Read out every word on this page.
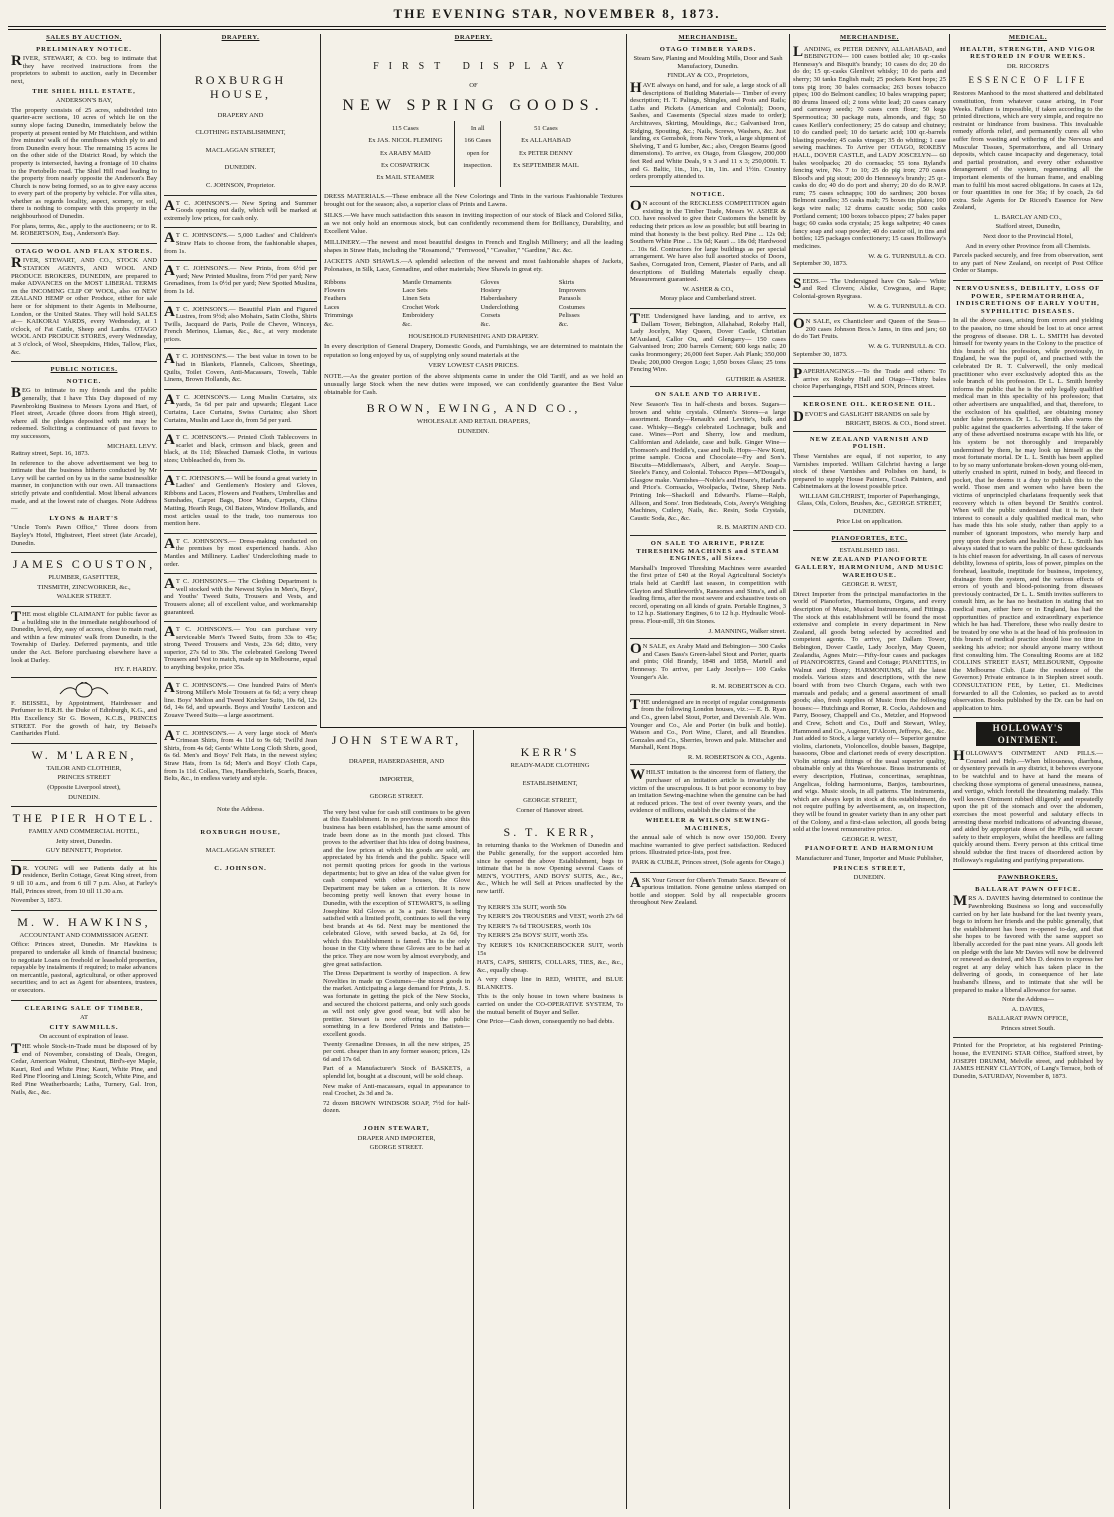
THE EVENING STAR, NOVEMBER 8, 1873.
SALES BY AUCTION.
PRELIMINARY NOTICE.

RIVER, STEWART, & CO. beg to intimate that they have received instructions from the proprietors to submit to auction, early in December next,

THE SHIEL HILL ESTATE,
ANDERSON'S BAY,

The property consists of 25 acres, subdivided into quarter-acre sections, 10 acres of which lie on the sunny slope facing Dunedin, immediately below the property at present rented by Mr Hutchison, and within five minutes' walk of the omnibuses which ply to and from Dunedin every hour. The remaining 15 acres lie on the other side of the District Road, by which the property is intersected, having a frontage of 10 chains to the Portobello road. The Shiel Hill road leading to the property from nearly opposite the Anderson's Bay Church is now being formed, so as to give easy access to every part of the property by vehicle. For villa sites, whether as regards locality, aspect, scenery, or soil, there is nothing to compare with this property in the neighbourhood of Dunedin.

For plans, terms, &c., apply to the auctioneers; or to R. M. ROBERTSON, Esq., Anderson's Bay.

OTAGO WOOL AND FLAX STORES.

RIVER, STEWART, AND CO., STOCK AND STATION AGENTS, AND WOOL AND PRODUCE BROKERS, DUNEDIN, are prepared to make ADVANCES on the MOST LIBERAL TERMS on the INCOMING CLIP OF WOOL, also on NEW ZEALAND HEMP or other Produce, either for sale here or for shipment to their Agents in Melbourne, London, or the United States. They will hold SALES at— KAIKORAI YARDS, every Wednesday, at 1 o'clock, of Fat Cattle, Sheep and Lambs. OTAGO WOOL AND PRODUCE STORES, every Wednesday, at 3 o'clock, of Wool, Sheepskins, Hides, Tallow, Flax, &c.

PUBLIC NOTICES.
NOTICE.

BEG to intimate to my friends and the public generally, that I have This Day disposed of my Pawnbroking Business to Messrs Lyons and Hart, of Fleet street, Arcade (three doors from High street), where all the pledges deposited with me may be redeemed. Soliciting a continuance of past favors to my successors,

MICHAEL LEVY.

Rattray street, Sept. 16, 1873.

In reference to the above advertisement we beg to intimate that the business hitherto conducted by Mr Levy will be carried on by us in the same businesslike manner, in conjunction with our own. All transactions strictly private and confidential. Most liberal advances made, and at the lowest rate of charges. Note Address—

LYONS & HART'S

"Uncle Tom's Pawn Office," Three doors from Bayley's Hotel, Highstreet, Fleet street (late Arcade), Dunedin.

JAMES COUSTON,
PLUMBER, GASFITTER,
TINSMITH, ZINCWORKER, &c.,
WALKER STREET.

THE most eligible CLAIMANT for public favor as a building site in the immediate neighbourhood of Dunedin, level, dry, easy of access, close to main road, and within a few minutes' walk from Dunedin, is the Township of Darley. Deferred payments, and title under the Act. Before purchasing elsewhere have a look at Darley.

HY. F. HARDY.

F. BEISSEL, by Appointment, Hairdresser and Perfumer to H.R.H. the Duke of Edinburgh, K.G., and His Excellency Sir G. Bowen, K.C.B., PRINCES STREET. For the growth of hair, try Beissel's Cantharides Fluid.

W. M'LAREN,
TAILOR AND CLOTHIER,
PRINCES STREET
(Opposite Liverpool street),
DUNEDIN.
THE PIER HOTEL.
FAMILY AND COMMERCIAL HOTEL,
Jetty street, Dunedin.
GUY BENNETT, Proprietor.

DR. YOUNG will see Patients daily at his residence, Berlin Cottage, Great King street, from 9 till 10 a.m., and from 6 till 7 p.m. Also, at Farley's Hall, Princes street, from 10 till 11.30 a.m.

November 3, 1873.

M. W. HAWKINS,
ACCOUNTANT AND COMMISSION AGENT.

Office: Princes street, Dunedin. Mr Hawkins is prepared to undertake all kinds of financial business; to negotiate Loans on freehold or leasehold properties, repayable by instalments if required; to make advances on mercantile, pastoral, agricultural, or other approved securities; and to act as Agent for absentees, trustees, or executors.

CLEARING SALE OF TIMBER,
AT
CITY SAWMILLS.
On account of expiration of lease.

THE whole Stock-in-Trade must be disposed of by end of November, consisting of Deals, Oregon, Cedar, American Walnut, Chestnut, Bird's-eye Maple, Kauri, Red and White Pine; Kauri, White Pine, and Red Pine Flooring and Lining; Scotch, White Pine, and Red Pine Weatherboards; Laths, Turnery, Gal. Iron, Nails, &c., &c.

DRAPERY.
ROXBURGH HOUSE,
DRAPERY AND
CLOTHING ESTABLISHMENT,
MACLAGGAN STREET,
DUNEDIN.
C. JOHNSON, Proprietor.

AT C. JOHNSON'S.— New Spring and Summer Goods opening out daily, which will be marked at extremely low prices, for cash only.

AT C. JOHNSON'S.— 5,000 Ladies' and Children's Straw Hats to choose from, the fashionable shapes, from 1s.

AT C. JOHNSON'S.— New Prints, from 6½d per yard; New Printed Muslins, from 7½d per yard; New Grenadines, from 1s 0½d per yard; New Spotted Muslins, from 1s 1d.

AT C. JOHNSON'S.— Beautiful Plain and Figured Lustres, from 9½d; also Mohairs, Satin Cloths, Shirts Twills, Jacquard de Paris, Poile de Chevre, Winceys, French Merinos, Llamas, &c., &c., at very moderate prices.

AT C. JOHNSON'S.— The best value in town to be had in Blankets, Flannels, Calicoes, Sheetings, Quilts, Toilet Covers, Anti-Macassars, Towels, Table Linens, Brown Hollands, &c.

AT C. JOHNSON'S.— Long Muslin Curtains, six yards, 5s 6d per pair and upwards; Elegant Lace Curtains, Lace Curtains, Swiss Curtains; also Short Curtains, Muslin and Lace do, from 5d per yard.

AT C. JOHNSON'S.— Printed Cloth Tablecovers in scarlet and black, crimson and black, green and black, at 8s 11d; Bleached Damask Cloths, in various sizes; Unbleached do, from 3s.

AT C. JOHNSON'S.— Will be found a great variety in Ladies' and Gentlemen's Hosiery and Gloves, Ribbons and Laces, Flowers and Feathers, Umbrellas and Sunshades, Carpet Bags, Door Mats, Carpets, China Matting, Hearth Rugs, Oil Baizes, Window Hollands, and most articles usual to the trade, too numerous too mention here.

AT C. JOHNSON'S.— Dress-making conducted on the premises by most experienced hands. Also Mantles and Millinery. Ladies' Underclothing made to order.

AT C. JOHNSON'S.— The Clothing Department is well stocked with the Newest Styles in Men's, Boys', and Youths' Tweed Suits, Trousers and Vests, and Trousers alone; all of excellent value, and workmanship guaranteed.

AT C. JOHNSON'S.— You can purchase very serviceable Men's Tweed Suits, from 33s to 45s; strong Tweed Trousers and Vests, 23s 6d; ditto, very superior, 27s 6d to 30s. The celebrated Geelong Tweed Trousers and Vest to match, made up in Melbourne, equal to anything besjoke, price 35s.

AT C. JOHNSON'S.— One hundred Pairs of Men's Strong Miller's Mole Trousers at 6s 6d; a very cheap line. Boys' Melton and Tweed Knicker Suits, 10s 6d, 12s 6d, 14s 6d, and upwards. Boys and Youths' Lexicon and Zouave Tweed Suits—a large assortment.

AT C. JOHNSON'S.— A very large stock of Men's Crimean Shirts, from 4s 11d to 9s 6d; Twill'd Jean Shirts, from 4s 6d; Gents' White Long Cloth Shirts, good, 6s 6d. Men's and Boys' Felt Hats, in the newest styles; Straw Hats, from 1s 6d; Men's and Boys' Cloth Caps, from 1s 11d. Collars, Ties, Handkerchiefs, Scarfs, Braces, Belts, &c., in endless variety and style.

Note the Address.
ROXBURGH HOUSE,
MACLAGGAN STREET.
C. JOHNSON.
DRAPERY.
FIRST DISPLAY
OF
NEW SPRING GOODS.
115 Cases
Ex JAS. NICOL FLEMING
Ex ARABY MAID
Ex COSPATRICK
Ex MAIL STEAMER
In all
166 Cases
open for
inspection.
51 Cases
Ex ALLAHABAD
Ex PETER DENNY
Ex SEPTEMBER MAIL

DRESS MATERIALS.—These embrace all the New Colorings and Tints in the various Fashionable Textures brought out for the season; also, a superior class of Prints and Lawns.

SILKS.—We have much satisfaction this season in inviting inspection of our stock of Black and Colored Silks, as we not only hold an enormous stock, but can confidently recommend them for Brilliancy, Durability, and Excellent Value.

MILLINERY.—The newest and most beautiful designs in French and English Millinery; and all the leading shapes in Straw Hats, including the "Rosamond," "Fernwood," "Cavalier," "Gardine," &c. &c.

JACKETS AND SHAWLS.—A splendid selection of the newest and most fashionable shapes of Jackets, Polonaises, in Silk, Lace, Grenadine, and other materials; New Shawls in great ety.

Ribbons
Flowers
Feathers
Laces
Trimmings
&c.
Mantle Ornaments
Lace Sets
Linen Sets
Crochet Work
Embroidery
&c.
Gloves
Hosiery
Haberdashery
Underclothing
Corsets
&c.
Skirts
Improvers
Parasols
Costumes
Pelisses
&c.
HOUSEHOLD FURNISHING AND DRAPERY.

In every description of General Drapery, Domestic Goods, and Furnishings, we are determined to maintain the reputation so long enjoyed by us, of supplying only sound materials at the

VERY LOWEST CASH PRICES.

NOTE.—As the greater portion of the above shipments came in under the Old Tariff, and as we hold an unusually large Stock when the new duties were imposed, we can confidently guarantee the Best Value obtainable for Cash.

BROWN, EWING, AND CO.,
WHOLESALE AND RETAIL DRAPERS,
DUNEDIN.
JOHN STEWART,
DRAPER, HABERDASHER, AND
IMPORTER,
GEORGE STREET.

The very best value for cash still continues to be given at this Establishment. In no previous month since this business has been established, has the same amount of trade been done as in the month just closed. This proves to the advertiser that his idea of doing business, and the low prices at which his goods are sold, are appreciated by his friends and the public. Space will not permit quoting prices for goods in the various departments; but to give an idea of the value given for cash compared with other houses, the Glove Department may be taken as a criterion. It is now becoming pretty well known that every house in Dunedin, with the exception of STEWART'S, is selling Josephine Kid Gloves at 3s a pair. Stewart being satisfied with a limited profit, continues to sell the very best brands at 4s 6d. Next may be mentioned the celebrated Glove, with sewed backs, at 2s 6d, for which this Establishment is famed. This is the only house in the City where these Gloves are to be had at the price. They are now worn by almost everybody, and give great satisfaction.

The Dress Department is worthy of inspection. A few Novelties in made up Costumes—the nicest goods in the market. Anticipating a large demand for Prints, J. S. was fortunate in getting the pick of the New Stocks, and secured the choicest patterns, and only such goods as will not only give good wear, but will also be prettier. Stewart is now offering to the public something in a few Bordered Prints and Batistes—excellent goods.

Twenty Grenadine Dresses, in all the new stripes, 25 per cent. cheaper than in any former season; prices, 12s 6d and 17s 6d.

Part of a Manufacturer's Stock of BASKETS, a splendid lot, bought at a discount, will be sold cheap.

New make of Anti-macassars, equal in appearance to real Crochet, 2s 3d and 3s.

72 dozen BROWN WINDSOR SOAP, 7½d for half-dozen.

JOHN STEWART,
DRAPER AND IMPORTER,
GEORGE STREET.
KERR'S
READY-MADE CLOTHING
ESTABLISHMENT,
GEORGE STREET,
Corner of Hanover street.
S. T. KERR,

In returning thanks to the Workmen of Dunedin and the Public generally, for the support accorded him since he opened the above Establishment, begs to intimate that he is now Opening several Cases of MEN'S, YOUTH'S, AND BOYS' SUITS, &c., &c., &c., Which he will Sell at Prices unaffected by the new tariff.

Try KERR'S 33s SUIT, worth 50s

Try KERR'S 20s TROUSERS and VEST, worth 27s 6d

Try KERR'S 7s 6d TROUSERS, worth 10s

Try KERR'S 25s BOYS' SUIT, worth 35s.

Try KERR'S 10s KNICKERBOCKER SUIT, worth 15s

HATS, CAPS, SHIRTS, COLLARS, TIES, &c., &c., &c., equally cheap.

A very cheap line in RED, WHITE, and BLUE BLANKETS.

This is the only house in town where business is carried on under the CO-OPERATIVE SYSTEM, To the mutual benefit of Buyer and Seller.

One Price—Cash down, consequently no bad debts.

MERCHANDISE.
OTAGO TIMBER YARDS.
Steam Saw, Planing and Moulding Mills, Door and Sash Manufactory, Dunedin.
FINDLAY & CO., Proprietors,

HAVE always on hand, and for sale, a large stock of all descriptions of Building Materials— Timber of every description; H. T. Palings, Shingles, and Posts and Rails; Laths and Pickets (American and Colonial); Doors, Sashes, and Casements (Special sizes made to order); Architraves, Skirting, Mouldings, &c.; Galvanised Iron, Ridging, Spouting, &c.; Nails, Screws, Washers, &c. Just landing, ex Gemsbok, from New York, a large shipment of Shelving, T and G lumber, &c.; also, Oregon Beams (good dimensions). To arrive, ex Otago, from Glasgow, 200,000 feet Red and White Deals, 9 x 3 and 11 x 3; 250,000ft. T. and G. Baltic, 1in., 1in., 1in, 1in. and 1½in. Country orders promptly attended to.

NOTICE.

ON account of the RECKLESS COMPETITION again existing in the Timber Trade, Messrs W. ASHER & CO. have resolved to give their Customers the benefit by reducing their prices as low as possible; but still bearing in mind that honesty is the best policy. Red Pine ... 12s 0d; Southern White Pine ... 13s 0d; Kauri ... 18s 0d; Hardwood ... 10s 6d. Contractors for large buildings as per special arrangement. We have also full assorted stocks of Doors, Sashes, Corrugated Iron, Cement, Plaster of Paris, and all descriptions of Building Materials equally cheap. Measurement guaranteed.

W. ASHER & CO.,
Moray place and Cumberland street.

THE Undersigned have landing, and to arrive, ex Dallam Tower, Bebington, Allahabad, Rokeby Hall, Lady Jocelyn, May Queen, Dover Castle, Christian M'Ausland, Callor Ou, and Glengarry— 150 cases Galvanised Iron; 200 barrels Cement; 600 kegs nails; 20 casks Ironmongery; 26,000 feet Super. Ash Plank; 350,000 Deals; 200,000 Oregon Logs; 1,050 boxes Glass; 25 tons Fencing Wire.

GUTHRIE & ASHER.
ON SALE AND TO ARRIVE.

New Season's Tea in half-chests and boxes. Sugars—brown and white crystals. Oilmen's Stores—a large assortment. Brandy—Renault's and Levitte's, bulk and case. Whisky—Begg's celebrated Lochnagar, bulk and case. Wines—Port and Sherry, low and medium, Californian and Adelaide, case and bulk. Ginger Wine—Thomson's and Heddle's, case and bulk. Hops—New Kent, prime sample. Cocoa and Chocolate—Fry and Son's. Biscuits—Middlemass's, Albert, and Aeryle. Soap—Steele's Fancy, and Colonial. Tobacco Pipes—M'Dougal's, Glasgow make. Varnishes—Noble's and Hoare's, Harland's and Price's. Cornsacks, Woolpacks, Twine, Sheep Nets. Printing Ink—Shackell and Edward's. Flame—Ralph, Allison, and Sons'. Iron Bedsteads, Cots, Avery's Weighing Machines, Cutlery, Nails, &c. Resin, Soda Crystals, Caustic Soda, &c., &c.

R. B. MARTIN AND CO.
ON SALE TO ARRIVE, PRIZE THRESHING MACHINES and STEAM ENGINES, all Sizes.

Marshall's Improved Threshing Machines were awarded the first prize of £40 at the Royal Agricultural Society's trials held at Cardiff last season, in competition with Clayton and Shuttleworth's, Ransomes and Sims's, and all leading firms, after the most severe and exhaustive tests on record, operating on all kinds of grain. Portable Engines, 3 to 12 h.p. Stationary Engines, 6 to 12 h.p. Hydraulic Wool-press. Flour-mill, 3ft 6in Stones.

J. MANNING, Walker street.

ON SALE, ex Araby Maid and Bebington— 300 Casks and Cases Bass's Green-label Stout and Porter, quarts and pints; Old Brandy, 1848 and 1858, Martell and Hennessy. To arrive, per Lady Jocelyn— 100 Casks Younger's Ale.

R. M. ROBERTSON & CO.

THE undersigned are in receipt of regular consignments from the following London houses, viz.:— E. B. Ryan and Co., green label Stout, Porter, and Devenish Ale. Wm. Younger and Co., Ale and Porter (in bulk and bottle). Watson and Co., Port Wine, Claret, and all Brandies. Gonzales and Co., Sherries, brown and pale. Mittscher and Marshall, Kent Hops.

R. M. ROBERTSON & CO., Agents.

WHILST imitation is the sincerest form of flattery, the purchaser of an imitation article is invariably the victim of the unscrupulous. It is but poor economy to buy an imitation Sewing-machine when the genuine can be had at reduced prices. The test of over twenty years, and the evidence of millions, establish the claims of the

WHEELER & WILSON SEWING-MACHINES,

the annual sale of which is now over 150,000. Every machine warranted to give perfect satisfaction. Reduced prices. Illustrated price-lists, post free.

PARK & CUBLE, Princes street, (Sole agents for Otago.)

ASK Your Grocer for Olsen's Tomato Sauce. Beware of spurious imitation. None genuine unless stamped on bottle and stopper. Sold by all respectable grocers throughout New Zealand.

MERCHANDISE.

LANDING, ex PETER DENNY, ALLAHABAD, and BEBINGTON— 100 cases bottled ale; 10 qr.-casks Hennessy's and Bisquit's brandy; 10 cases do do; 20 do do do; 15 qr.-casks Glenlivet whisky; 10 do paris and sherry; 30 tanks English malt; 25 pockets Kent hops; 25 tons pig iron; 30 bales cornsacks; 263 boxes tobacco pipes; 100 do Belmont candles; 10 bales wrapping paper; 80 drums linseed oil; 2 tons white lead; 20 cases canary and carraway seeds; 70 cases corn flour; 50 kegs Spermoutica; 30 package nuts, almonds, and figs; 50 cases Keiller's confectionery; 25 do catsup and chutney; 10 do candied peel; 10 do tartaric acid; 100 qr.-barrels blasting powder; 45 casks vinegar; 35 do whiting; 1 case sewing machines. To Arrive per OTAGO, ROKEBY HALL, DOVER CASTLE, and LADY JOSCELYN— 60 bales woolpacks; 20 do cornsacks; 55 tons Ryland's fencing wire, No. 7 to 10; 25 do pig iron; 270 cases Blood's and pig stout; 200 do Hennessy's brandy; 25 qr.-casks do do; 40 do do port and sherry; 20 do do R.W.P. rum; 75 cases schnapps; 100 do sardines; 200 boxes Belmont candles; 35 casks malt; 75 boxes tin plates; 100 kegs wire nails; 12 drums caustic soda; 500 casks Portland cement; 100 boxes tobacco pipes; 27 bales paper bags; 60 casks soda crystals; 25 kegs saltpetre; 40 cases fancy soap and soap powder; 40 do castor oil, in tins and bottles; 125 packages confectionery; 15 cases Holloway's medicines.

W. & G. TURNBULL & CO.

September 30, 1873.

SEEDS.— The Undersigned have On Sale— White and Red Clovers; Alsike, Cowgrass, and Rape; Colonial-grown Ryegrass.

W. & G. TURNBULL & CO.

ON SALE, ex Chanticleer and Queen of the Seas— 200 cases Johnson Bros.'s Jams, in tins and jars; 60 do do Tart Fruits.

W. & G. TURNBULL & CO.

September 30, 1873.

PAPERHANGINGS.—To the Trade and others: To arrive ex Rokeby Hall and Otago—Thirty bales choice Paperhangings, FISH and SON, Princes street.

KEROSENE OIL. KEROSENE OIL.

DEVOE'S and GASLIGHT BRANDS on sale by

BRIGHT, BROS. & CO., Bond street.
NEW ZEALAND VARNISH AND POLISH.

These Varnishes are equal, if not superior, to any Varnishes imported. William Gilchrist having a large stock of these Varnishes and Polishes on hand, is prepared to supply House Painters, Coach Painters, and Cabinetmakers at the lowest possible price.

WILLIAM GILCHRIST, Importer of Paperhangings, Glass, Oils, Colors, Brushes, &c., GEORGE STREET, DUNEDIN.
Price List on application.
PIANOFORTES, ETC.
ESTABLISHED 1861.
NEW ZEALAND PIANOFORTE GALLERY, HARMONIUM, AND MUSIC WAREHOUSE.
GEORGE R. WEST,

Direct Importer from the principal manufactories in the world of Pianofortes, Harmoniums, Organs, and every description of Music, Musical Instruments, and Fittings. The stock at this establishment will be found the most extensive and complete in every department in New Zealand, all goods being selected by accredited and competent agents. To arrive, per Dallam Tower, Bebington, Dover Castle, Lady Jocelyn, May Queen, Zealandia, Agnes Muir:—Fifty-four cases and packages of PIANOFORTES, Grand and Cottage; PIANETTES, in Walnut and Ebony; HARMONIUMS, all the latest models. Various sizes and descriptions, with the new board with from two Church Organs, each with two manuals and pedals; and a general assortment of small goods; also, fresh supplies of Music from the following houses:— Hutchings and Romer, R. Cocks, Ashdown and Parry, Boosey, Chappell and Co., Metzler, and Hopwood and Crew, Schott and Co., Duff and Stewart, Wiley, Hammond and Co., Augener, D'Alcorn, Jeffreys, &c., &c. Just added to Stock, a large variety of— Superior genuine violins, clarionets, Violoncellos, double basses, Bagpipe, bassoons, Oboe and clarionet reeds of every description. Violin strings and fittings of the usual superior quality, obtainable only at this Warehouse. Brass instruments of every description, Flutinas, concertinas, seraphinas, Angelicas, folding harmoniums, Banjos, tambourines, and wigs. Music stools, in all patterns. The instruments, which are always kept in stock at this establishment, do not require puffing by advertisement, as, on inspection, they will be found in greater variety than in any other part of the Colony, and a first-class selection, all goods being sold at the lowest remunerative price.

GEORGE R. WEST,
PIANOFORTE AND HARMONIUM
Manufacturer and Tuner, Importer and Music Publisher,
PRINCES STREET,
DUNEDIN.
MEDICAL.
HEALTH, STRENGTH, AND VIGOR RESTORED IN FOUR WEEKS.
DR. RICORD'S
ESSENCE OF LIFE

Restores Manhood to the most shattered and debilitated constitution, from whatever cause arising, in Four Weeks. Failure is impossible, if taken according to the printed directions, which are very simple, and require no restraint or hindrance from business. This invaluable remedy affords relief, and permanently cures all who suffer from wasting and withering of the Nervous and Muscular Tissues, Spermatorrhœa, and all Urinary deposits, which cause incapacity and degeneracy, total and partial prostration, and every other exhaustive derangement of the system, regenerating all the important elements of the human frame, and enabling man to fulfil his most sacred obligations. In cases at 12s, or four quantities in one for 36s; if by coach, 2s 6d extra. Sole Agents for Dr Ricord's Essence for New Zealand,

L. BARCLAY AND CO.,
Stafford street, Dunedin,
Next door to the Provincial Hotel,
And in every other Province from all Chemists.

Parcels packed securely, and free from observation, sent to any part of New Zealand, on receipt of Post Office Order or Stamps.

NERVOUSNESS, DEBILITY, LOSS OF POWER, SPERMATORRHŒA, INDISCRETIONS OF EARLY YOUTH, SYPHILITIC DISEASES.

In all the above cases, arising from errors and yielding to the passion, no time should be lost to at once arrest the progress of disease. DR L. L. SMITH has devoted himself for twenty years in the Colony to the practice of this branch of his profession, while previously, in England, he was the pupil of, and practised with the celebrated Dr R. T. Culverwell, the only medical practitioner who ever exclusively adopted this as the sole branch of his profession. Dr L. L. Smith hereby informs the public that he is the only legally qualified medical man in this speciality of his profession; that other advertisers are unqualified, and that, therefore, to the exclusion of his qualified, are obtaining money under false pretences. Dr L. L. Smith also warns the public against the quackeries advertising. If the taker of any of these advertised nostrums escape with his life, or his system be not thoroughly and irreparably undermined by them, he may look up himself as the most fortunate mortal. Dr L. L. Smith has been applied to by so many unfortunate broken-down young old-men, utterly crushed in spirit, ruined in body, and fleeced in pocket, that he deems it a duty to publish this to the world. Those men and women who have been the victims of unprincipled charlatans frequently seek that recovery which is often beyond Dr Smith's control. When will the public understand that it is to their interest to consult a duly qualified medical man, who has made this his sole study, rather than apply to a number of ignorant impostors, who merely harp and prey upon their pockets and health? Dr L. L. Smith has always stated that to warn the public of these quicksands is his chief reason for advertising. In all cases of nervous debility, lowness of spirits, loss of power, pimples on the forehead, lassitude, ineptitude for business, impotency, drainage from the system, and the various effects of errors of youth and blood-poisoning from diseases previously contracted, Dr L. L. Smith invites sufferers to consult him, as he has no hesitation in stating that no medical man, either here or in England, has had the opportunities of practice and extraordinary experience which he has had. Therefore, these who really desire to be treated by one who is at the head of his profession in this branch of medical practice should lose no time in seeking his advice; nor should anyone marry without first consulting him. The Consulting Rooms are at 182 COLLINS STREET EAST, MELBOURNE, Opposite the Melbourne Club. (Late the residence of the Governor.) Private entrance is in Stephen street south. CONSULTATION FEE, by Letter, £1. Medicines forwarded to all the Colonies, so packed as to avoid observation. Books published by the Dr. can be had on application to him.

HOLLOWAY'S OINTMENT.

HOLLOWAY'S OINTMENT AND PILLS.—Counsel and Help.—When biliousness, diarrhœa, or dysentery prevails in any district, it behoves everyone to be watchful and to have at hand the means of checking those symptoms of general uneasiness, nausea, and vertigo, which foretell the threatening malady. This well known Ointment rubbed diligently and repeatedly upon the pit of the stomach and over the abdomen, exercises the most powerful and salutary effects in arresting these morbid indications of advancing disease, and aided by appropriate doses of the Pills, will secure safety to their employers, whilst the heedless are falling quickly around them. Every person at this critical time should subdue the first traces of disordered action by Holloway's regulating and purifying preparations.

PAWNBROKERS.
BALLARAT PAWN OFFICE.

MRS A. DAVIES having determined to continue the Pawnbroking Business so long and successfully carried on by her late husband for the last twenty years, begs to inform her friends and the public generally, that the establishment has been re-opened to-day, and that she hopes to be favored with the same support so liberally accorded for the past nine years. All goods left on pledge with the late Mr Davies will now be delivered or renewed as desired, and Mrs D. desires to express her regret at any delay which has taken place in the delivering of goods, in consequence of her late husband's illness, and to intimate that she will be prepared to make a liberal allowance for same.

Note the Address—
A. DAVIES,
BALLARAT PAWN OFFICE,
Princes street South.

Printed for the Proprietor, at his registered Printing-house, the EVENING STAR Office, Stafford street, by JOSEPH DRUMM, Melville street, and published by JAMES HENRY CLAYTON, of Lang's Terrace, both of Dunedin, SATURDAY, November 8, 1873.
